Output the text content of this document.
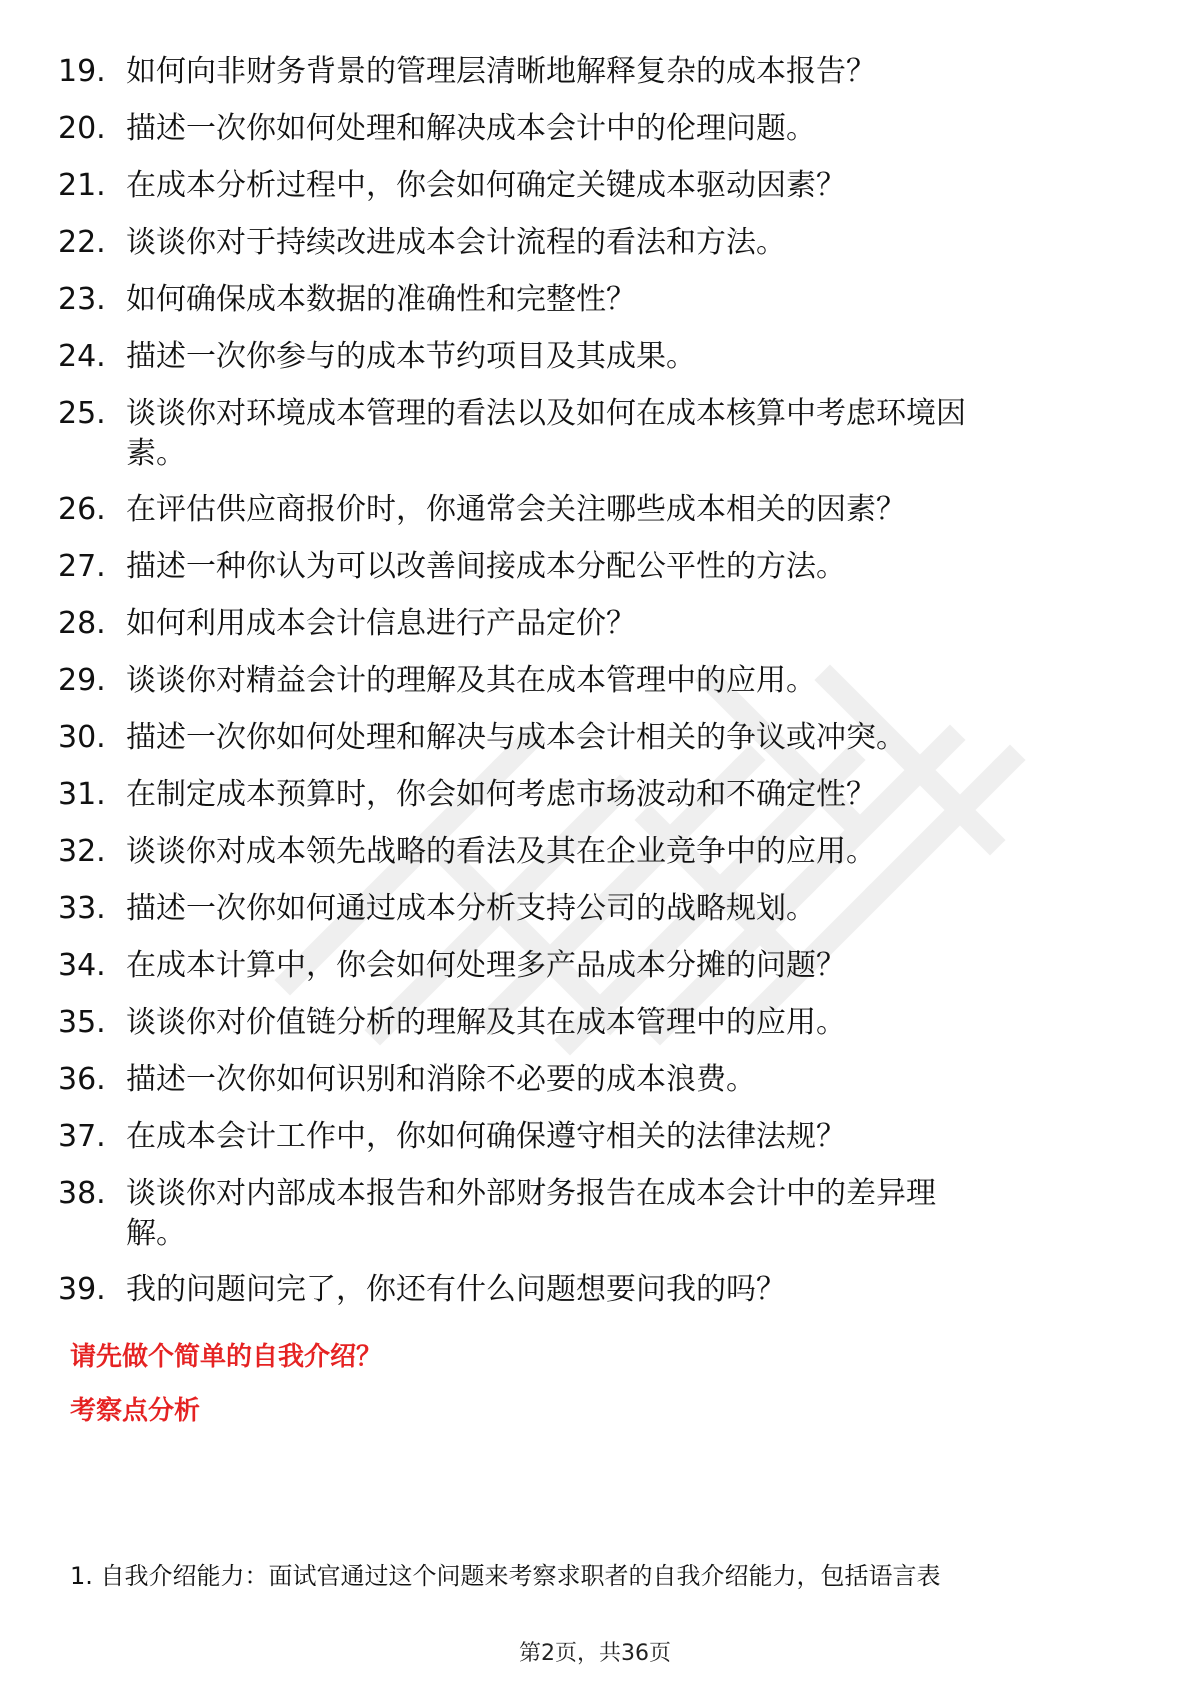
19. 如何向非财务背景的管理层清晰地解释复杂的成本报告？
20. 描述一次你如何处理和解决成本会计中的伦理问题。
21. 在成本分析过程中，你会如何确定关键成本驱动因素？
22. 谈谈你对于持续改进成本会计流程的看法和方法。
23. 如何确保成本数据的准确性和完整性？
24. 描述一次你参与的成本节约项目及其成果。
25. 谈谈你对环境成本管理的看法以及如何在成本核算中考虑环境因
素。
26. 在评估供应商报价时，你通常会关注哪些成本相关的因素？
27. 描述一种你认为可以改善间接成本分配公平性的方法。
28. 如何利用成本会计信息进行产品定价？
29. 谈谈你对精益会计的理解及其在成本管理中的应用。
30. 描述一次你如何处理和解决与成本会计相关的争议或冲突。
31. 在制定成本预算时，你会如何考虑市场波动和不确定性？
32. 谈谈你对成本领先战略的看法及其在企业竞争中的应用。
33. 描述一次你如何通过成本分析支持公司的战略规划。
34. 在成本计算中，你会如何处理多产品成本分摊的问题？
35. 谈谈你对价值链分析的理解及其在成本管理中的应用。
36. 描述一次你如何识别和消除不必要的成本浪费。
37. 在成本会计工作中，你如何确保遵守相关的法律法规？
38. 谈谈你对内部成本报告和外部财务报告在成本会计中的差异理
解。
39. 我的问题问完了，你还有什么问题想要问我的吗？
请先做个简单的自我介绍？
考察点分析
1. 自我介绍能力：面试官通过这个问题来考察求职者的自我介绍能力，包括语言表
第2页，共36页
